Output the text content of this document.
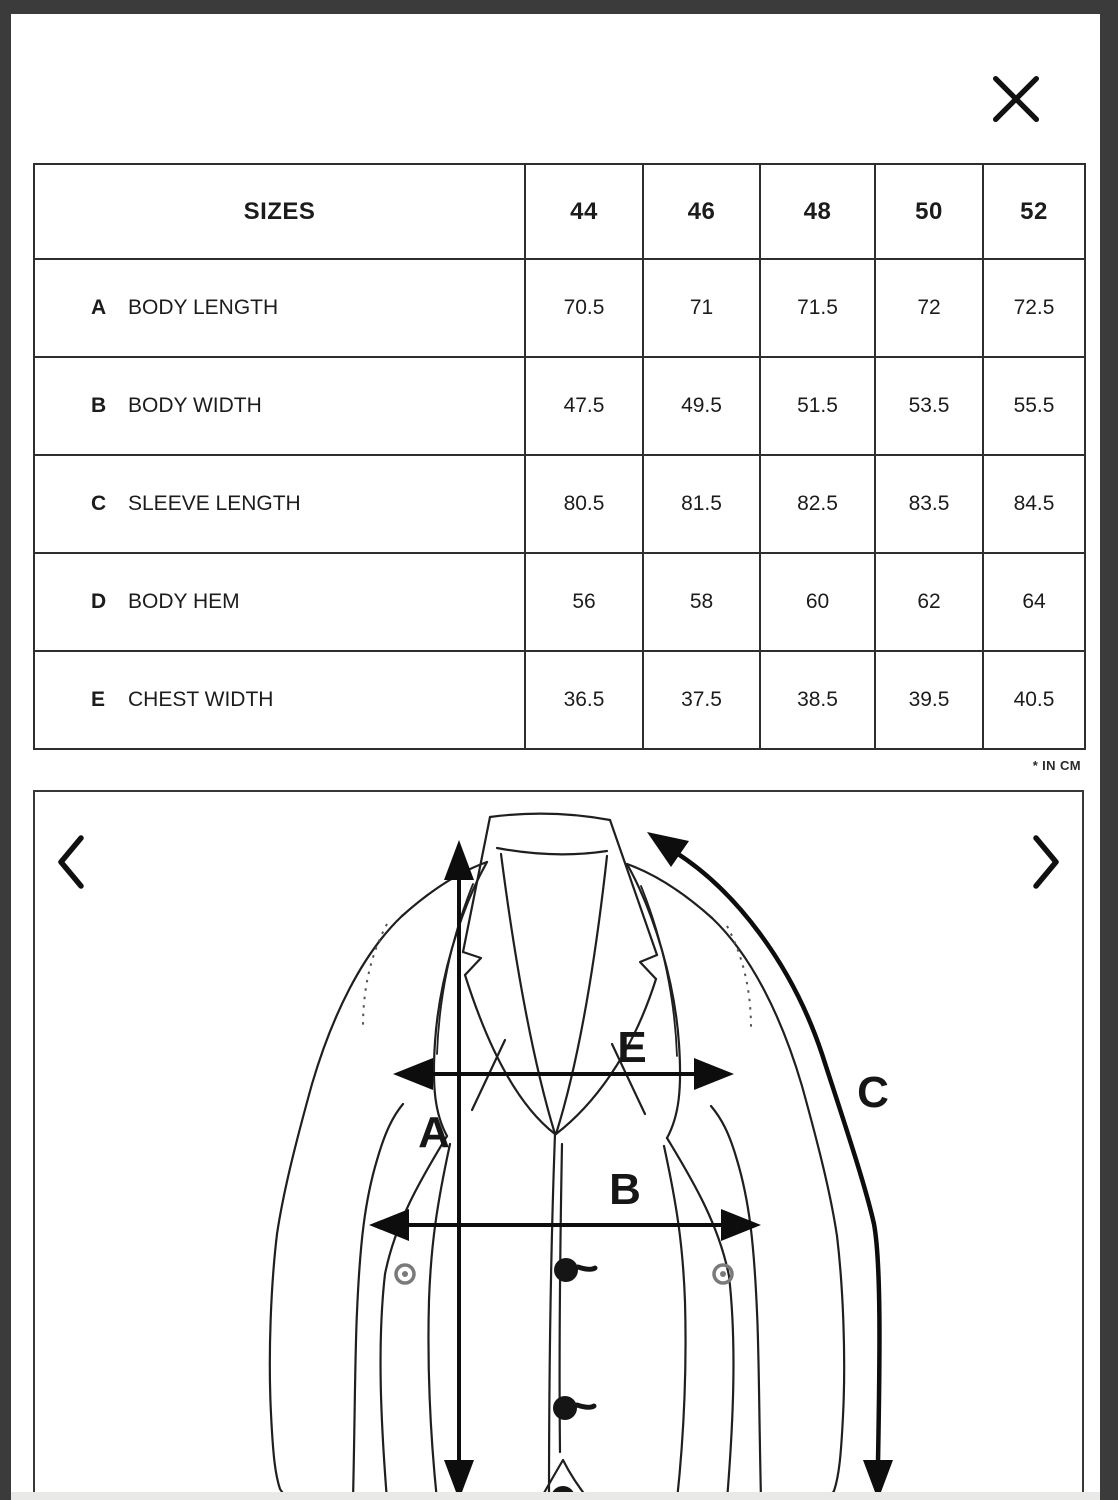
SIZES	44	46	48	50	52
A BODY LENGTH	70.5	71	71.5	72	72.5
B BODY WIDTH	47.5	49.5	51.5	53.5	55.5
C SLEEVE LENGTH	80.5	81.5	82.5	83.5	84.5
D BODY HEM	56	58	60	62	64
E CHEST WIDTH	36.5	37.5	38.5	39.5	40.5
* IN CM
A
E
B
C
